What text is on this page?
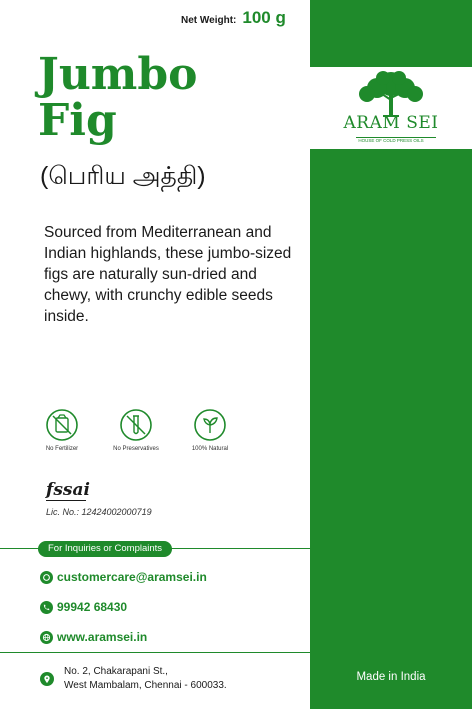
ARAM SEI
HOUSE OF COLD PRESS OILS
Net Weight: 100 g
Jumbo
Fig
(பெரிய அத்தி)
Sourced from Mediterranean and Indian highlands, these jumbo-sized figs are naturally sun-dried and chewy, with crunchy edible seeds inside.
No Fertilizer	No Preservatives	100% Natural
fssai
Lic. No.: 12424002000719
For Inquiries or Complaints
customercare@aramsei.in
99942 68430
www.aramsei.in
No. 2, Chakarapani St.,
West Mambalam, Chennai - 600033.
Made in India
